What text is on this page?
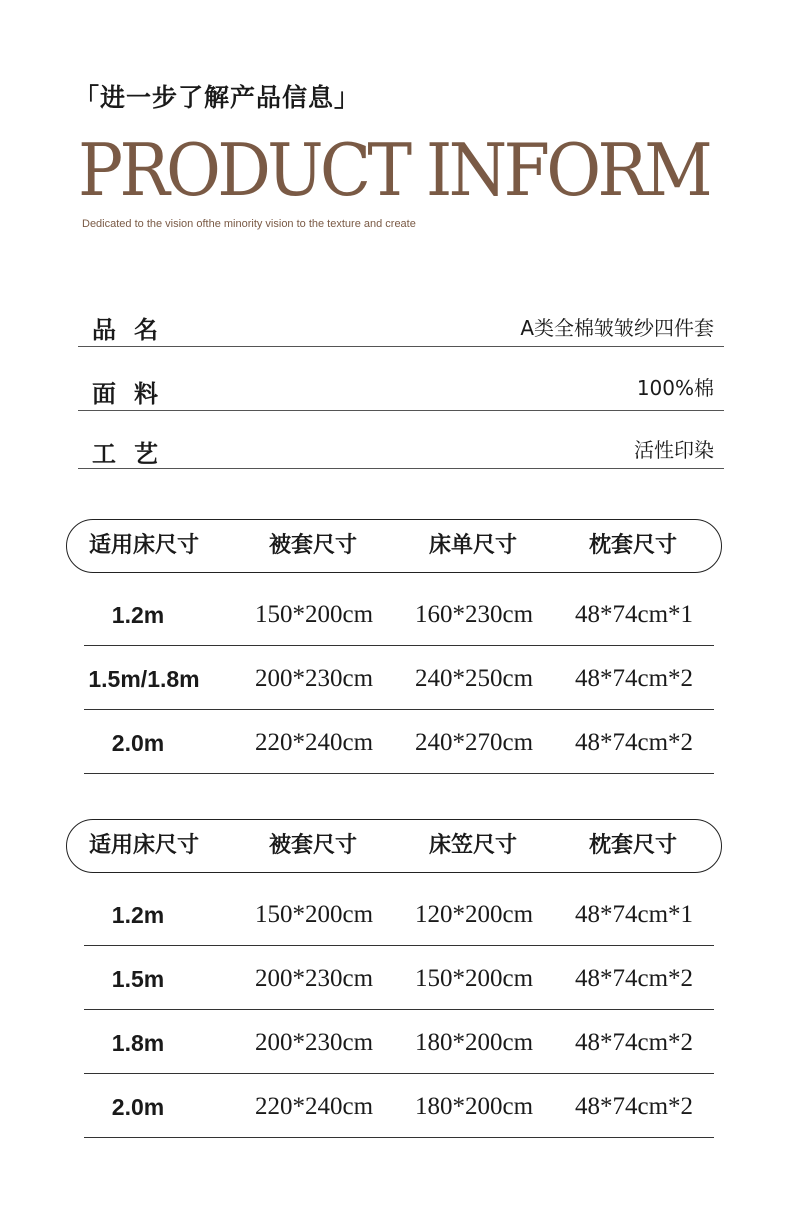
「进一步了解产品信息」
PRODUCT INFORM
Dedicated to the vision ofthe minority vision to the texture and create
品名	A类全棉皱皱纱四件套
面料	100%棉
工艺	活性印染
适用床尺寸	被套尺寸	床单尺寸	枕套尺寸
1.2m	150*200cm	160*230cm	48*74cm*1
1.5m/1.8m	200*230cm	240*250cm	48*74cm*2
2.0m	220*240cm	240*270cm	48*74cm*2
适用床尺寸	被套尺寸	床笠尺寸	枕套尺寸
1.2m	150*200cm	120*200cm	48*74cm*1
1.5m	200*230cm	150*200cm	48*74cm*2
1.8m	200*230cm	180*200cm	48*74cm*2
2.0m	220*240cm	180*200cm	48*74cm*2
